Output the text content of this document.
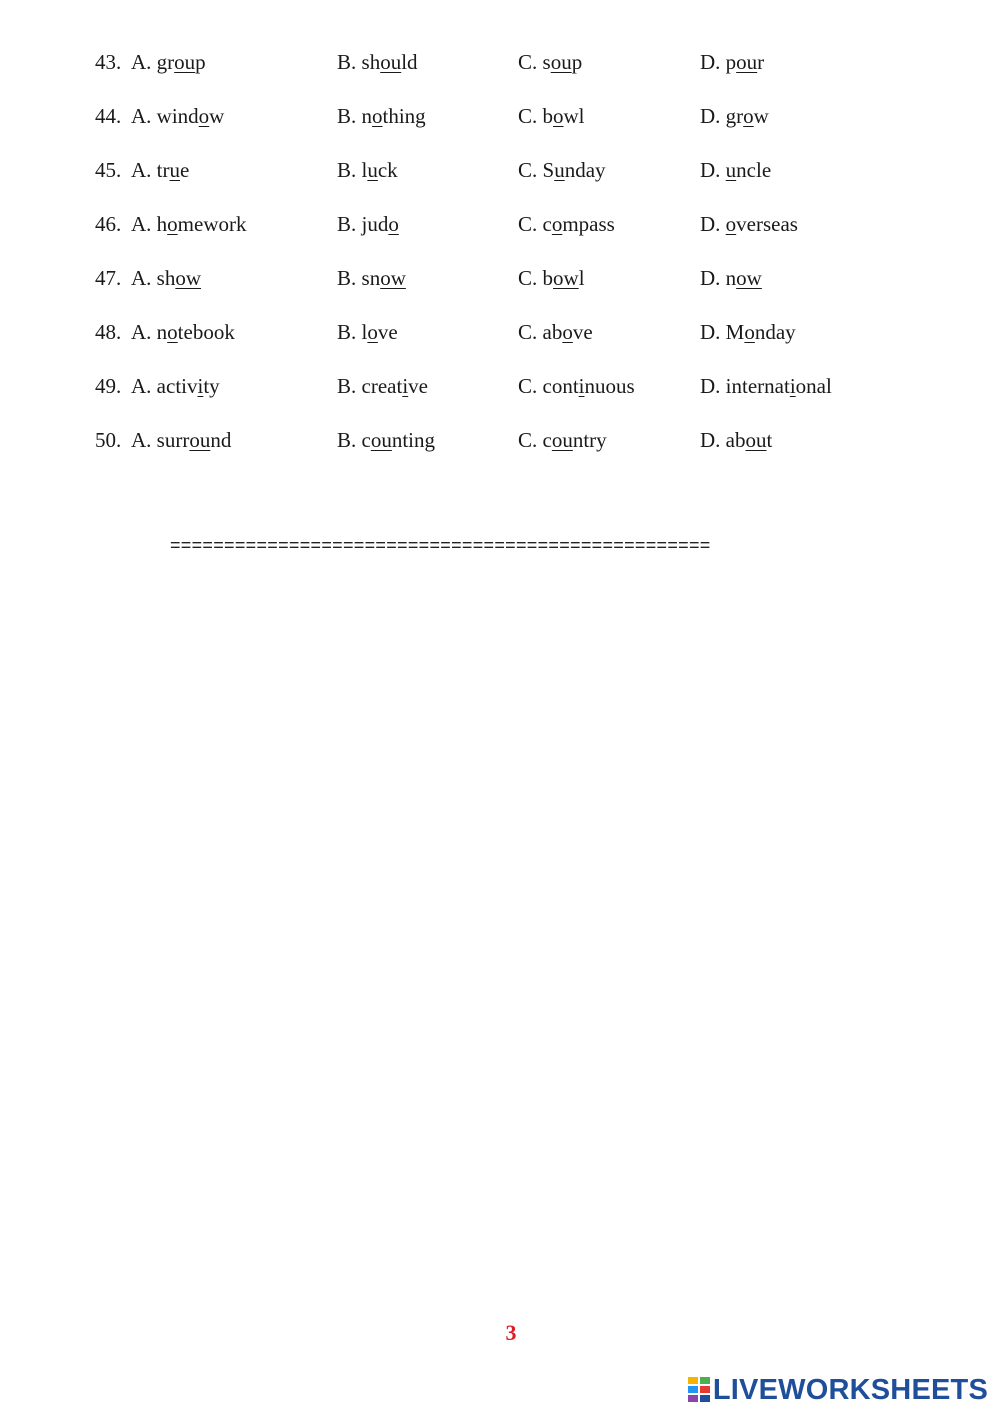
43. A. group	B. should	C. soup	D. pour
44. A. window	B. nothing	C. bowl	D. grow
45. A. true	B. luck	C. Sunday	D. uncle
46. A. homework	B. judo	C. compass	D. overseas
47. A. show	B. snow	C. bowl	D. now
48. A. notebook	B. love	C. above	D. Monday
49. A. activity	B. creative	C. continuous	D. international
50. A. surround	B. counting	C. country	D. about
==================================================
3
LIVEWORKSHEETS
